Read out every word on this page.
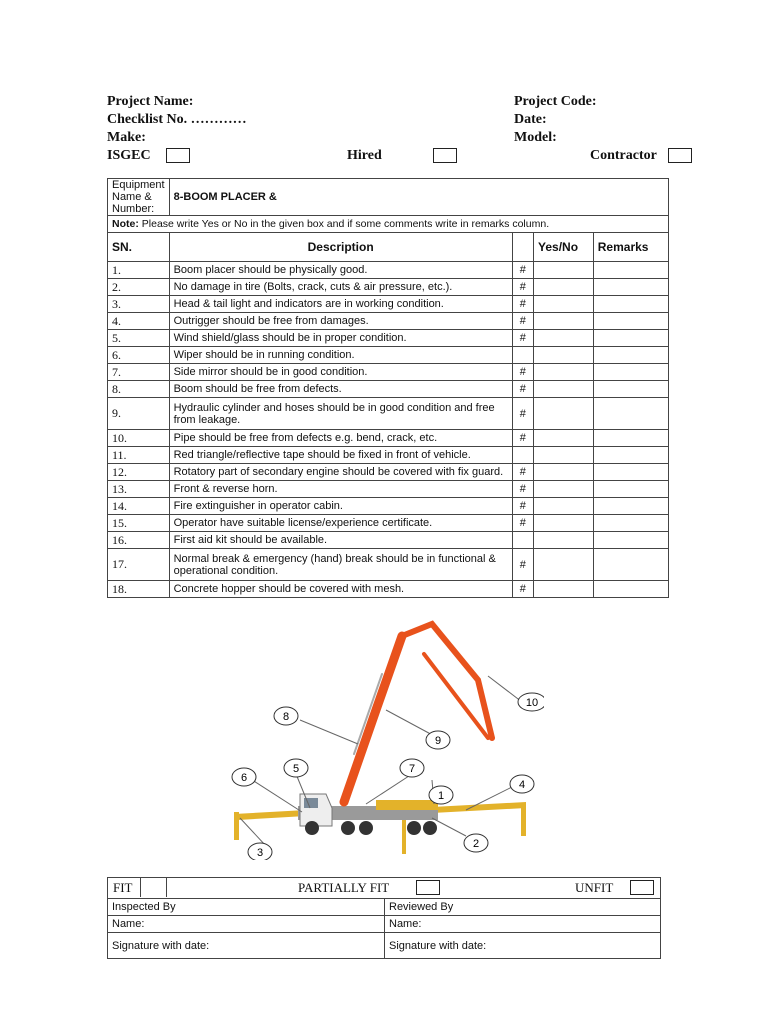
Project Name:
Checklist No. …………
Make:
Project Code:
Date:
Model:
ISGEC	Hired	Contractor
Equipment Name & Number:	8-BOOM PLACER &			
Note: Please write Yes or No in the given box and if some comments write in remarks column.				
SN.	Description		Yes/No	Remarks
1.	Boom placer should be physically good.	#		
2.	No damage in tire (Bolts, crack, cuts & air pressure, etc.).	#		
3.	Head & tail light and indicators are in working condition.	#		
4.	Outrigger should be free from damages.	#		
5.	Wind shield/glass should be in proper condition.	#		
6.	Wiper should be in running condition.			
7.	Side mirror should be in good condition.	#		
8.	Boom should be free from defects.	#		
9.	Hydraulic cylinder and hoses should be in good condition and free from leakage.	#		
10.	Pipe should be free from defects e.g. bend, crack, etc.	#		
11.	Red triangle/reflective tape should be fixed in front of vehicle.			
12.	Rotatory part of secondary engine should be covered with fix guard.	#		
13.	Front & reverse horn.	#		
14.	Fire extinguisher in operator cabin.	#		
15.	Operator have suitable license/experience certificate.	#		
16.	First aid kit should be available.			
17.	Normal break & emergency (hand) break should be in functional & operational condition.	#		
18.	Concrete hopper should be covered with mesh.	#		
1
2
3
4
5
6
7
8
9
10
FIT PARTIALLY FIT UNFIT	

Inspected By	Reviewed By
Name:	Name:
Signature with date:	Signature with date:
